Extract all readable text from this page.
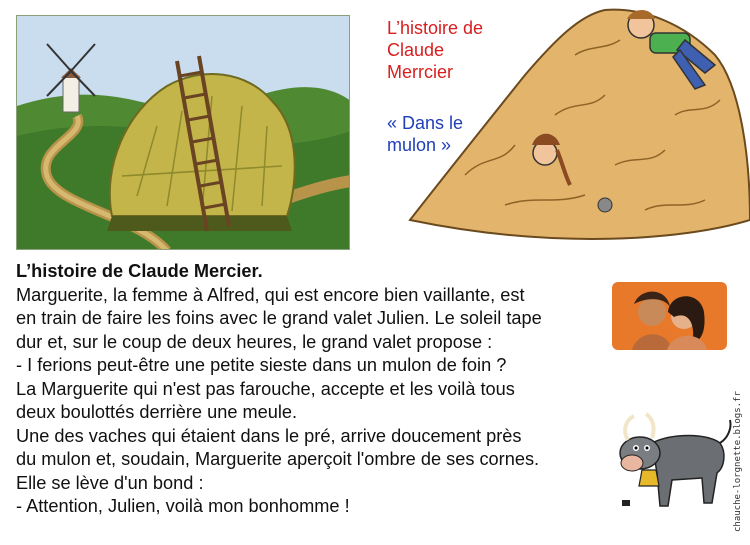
L’histoire de
Claude
Merrcier
« Dans le
mulon »
L’histoire de Claude Mercier.
Marguerite, la femme à Alfred, qui est encore bien vaillante, est
en train de faire les foins avec le grand valet Julien. Le soleil tape
dur et, sur le coup de deux heures, le grand valet propose :
- I ferions peut-être une petite sieste dans un mulon de foin ?
La Marguerite qui n'est pas farouche, accepte et les voilà tous
deux boulottés derrière une meule.
Une des vaches qui étaient dans le pré, arrive doucement près
du mulon et, soudain, Marguerite aperçoit l'ombre de ses cornes.
Elle se lève d'un bond :
- Attention, Julien, voilà mon bonhomme !	chauche-lorgnette.blogs.fr
